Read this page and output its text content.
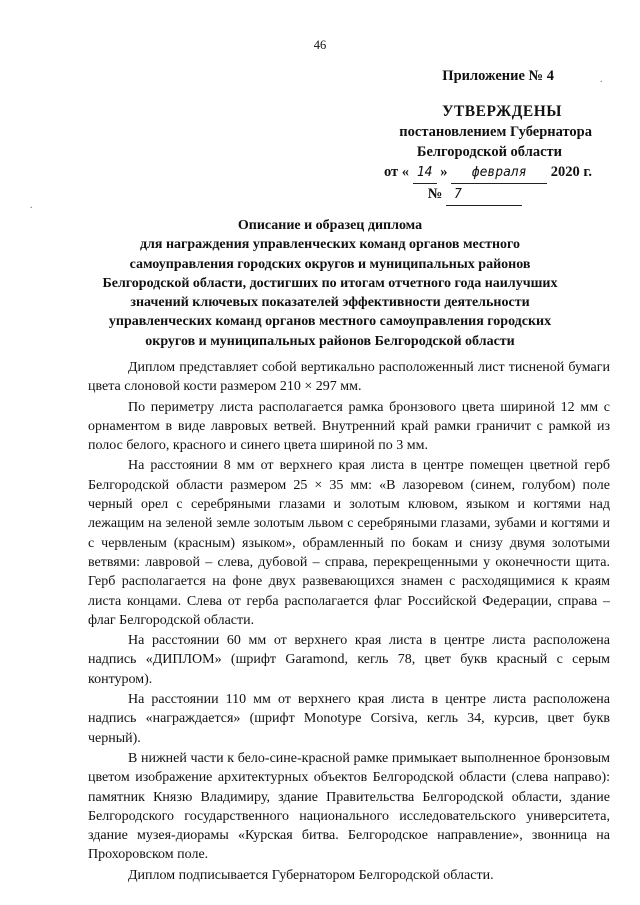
46
Приложение № 4
УТВЕРЖДЕНЫ
постановлением Губернатора
Белгородской области
от « 14 » февраля 2020 г.
№ 7
Описание и образец диплома
для награждения управленческих команд органов местного
самоуправления городских округов и муниципальных районов
Белгородской области, достигших по итогам отчетного года наилучших
значений ключевых показателей эффективности деятельности
управленческих команд органов местного самоуправления городских
округов и муниципальных районов Белгородской области

Диплом представляет собой вертикально расположенный лист тисненой бумаги цвета слоновой кости размером 210 × 297 мм.

По периметру листа располагается рамка бронзового цвета шириной 12 мм с орнаментом в виде лавровых ветвей. Внутренний край рамки граничит с рамкой из полос белого, красного и синего цвета шириной по 3 мм.

На расстоянии 8 мм от верхнего края листа в центре помещен цветной герб Белгородской области размером 25 × 35 мм: «В лазоревом (синем, голубом) поле черный орел с серебряными глазами и золотым клювом, языком и когтями над лежащим на зеленой земле золотым львом с серебряными глазами, зубами и когтями и с червленым (красным) языком», обрамленный по бокам и снизу двумя золотыми ветвями: лавровой – слева, дубовой – справа, перекрещенными у оконечности щита. Герб располагается на фоне двух развевающихся знамен с расходящимися к краям листа концами. Слева от герба располагается флаг Российской Федерации, справа – флаг Белгородской области.

На расстоянии 60 мм от верхнего края листа в центре листа расположена надпись «ДИПЛОМ» (шрифт Garamond, кегль 78, цвет букв красный с серым контуром).

На расстоянии 110 мм от верхнего края листа в центре листа расположена надпись «награждается» (шрифт Monotype Corsiva, кегль 34, курсив, цвет букв черный).

В нижней части к бело-сине-красной рамке примыкает выполненное бронзовым цветом изображение архитектурных объектов Белгородской области (слева направо): памятник Князю Владимиру, здание Правительства Белгородской области, здание Белгородского государственного национального исследовательского университета, здание музея-диорамы «Курская битва. Белгородское направление», звонница на Прохоровском поле.

Диплом подписывается Губернатором Белгородской области.

.
.
